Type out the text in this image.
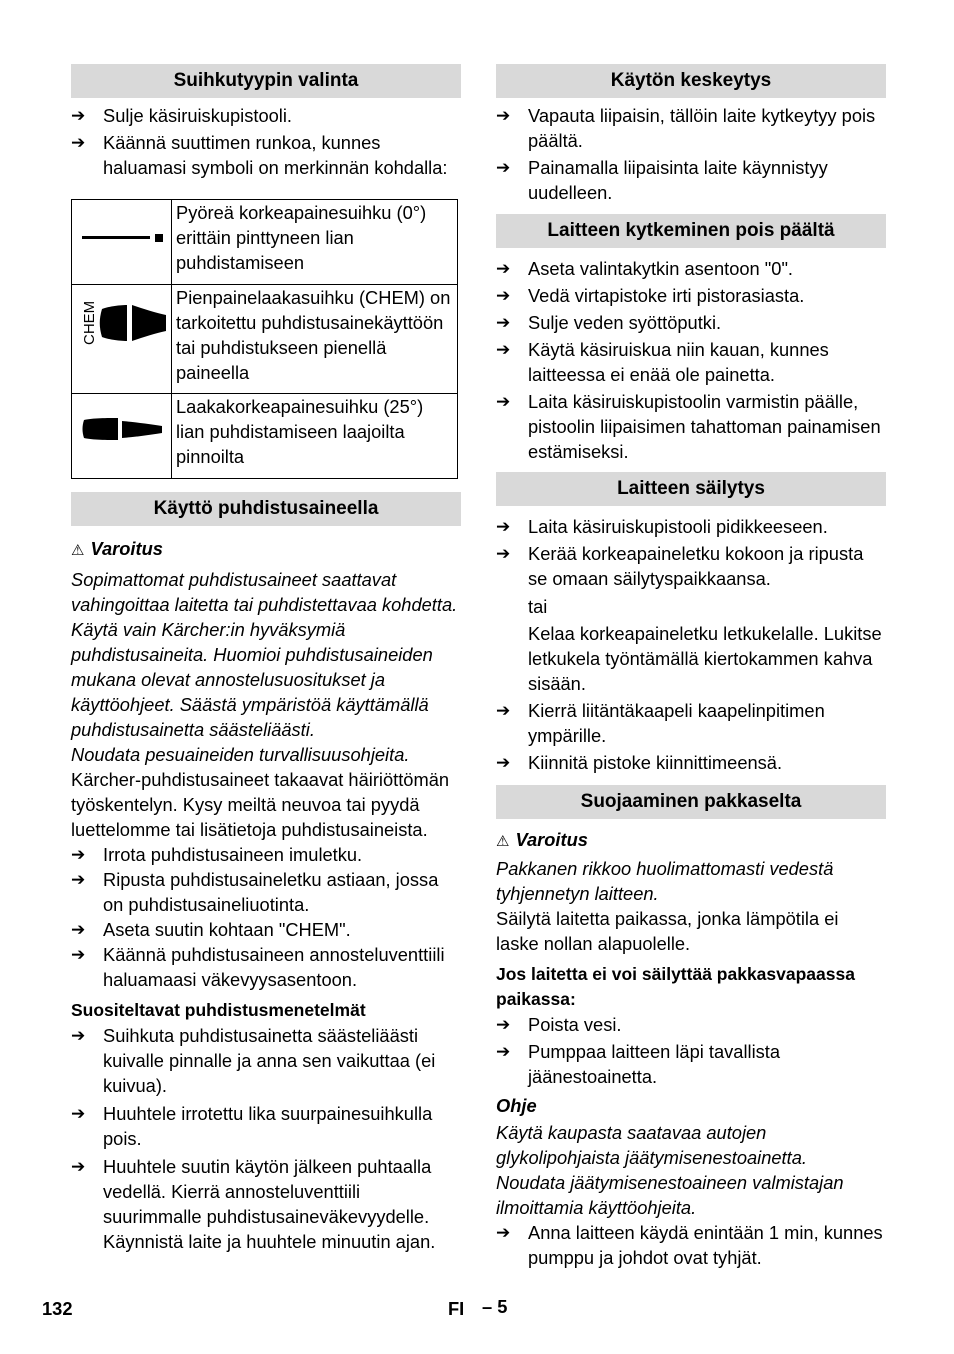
Suihkutyypin valinta
➔ Sulje käsiruiskupistooli.
➔ Käännä suuttimen runkoa, kunnes haluamasi symboli on merkinnän kohdalla:
	Pyöreä korkeapainesuihku (0°) erittäin pinttyneen lian puhdistamiseen

CHEM	Pienpainelaakasuihku (CHEM) on tarkoitettu puhdistusainekäyttöön tai puhdistukseen pienellä paineella
	Laakakorkeapainesuihku (25°) lian puhdistamiseen laajoilta pinnoilta
Käyttö puhdistusaineella
⚠ Varoitus

Sopimattomat puhdistusaineet saattavat vahingoittaa laitetta tai puhdistettavaa kohdetta. Käytä vain Kärcher:in hyväksymiä puhdistusaineita. Huomioi puhdistusaineiden mukana olevat annostelusuositukset ja käyttöohjeet. Säästä ympäristöä käyttämällä puhdistusainetta säästeliäästi.

Noudata pesuaineiden turvallisuusohjeita.

Kärcher-puhdistusaineet takaavat häiriöttömän työskentelyn. Kysy meiltä neuvoa tai pyydä luettelomme tai lisätietoja puhdistusaineista.

➔ Irrota puhdistusaineen imuletku.
➔ Ripusta puhdistusaineletku astiaan, jossa on puhdistusaineliuotinta.
➔ Aseta suutin kohtaan "CHEM".
➔ Käännä puhdistusaineen annosteluventtiili haluamaasi väkevyysasentoon.
Suositeltavat puhdistusmenetelmät
➔ Suihkuta puhdistusainetta säästeliäästi kuivalle pinnalle ja anna sen vaikuttaa (ei kuivua).
➔ Huuhtele irrotettu lika suurpainesuihkulla pois.
➔ Huuhtele suutin käytön jälkeen puhtaalla vedellä. Kierrä annosteluventtiili suurimmalle puhdistusaineväkevyydelle. Käynnistä laite ja huuhtele minuutin ajan.
Käytön keskeytys
➔ Vapauta liipaisin, tällöin laite kytkeytyy pois päältä.
➔ Painamalla liipaisinta laite käynnistyy uudelleen.
Laitteen kytkeminen pois päältä
➔ Aseta valintakytkin asentoon "0".
➔ Vedä virtapistoke irti pistorasiasta.
➔ Sulje veden syöttöputki.
➔ Käytä käsiruiskua niin kauan, kunnes laitteessa ei enää ole painetta.
➔ Laita käsiruiskupistoolin varmistin päälle, pistoolin liipaisimen tahattoman painamisen estämiseksi.
Laitteen säilytys
➔ Laita käsiruiskupistooli pidikkeeseen.
➔ Kerää korkeapaineletku kokoon ja ripusta se omaan säilytyspaikkaansa.

tai

Kelaa korkeapaineletku letkukelalle. Lukitse letkukela työntämällä kiertokammen kahva sisään.

➔ Kierrä liitäntäkaapeli kaapelinpitimen ympärille.
➔ Kiinnitä pistoke kiinnittimeensä.
Suojaaminen pakkaselta
⚠ Varoitus

Pakkanen rikkoo huolimattomasti vedestä tyhjennetyn laitteen.

Säilytä laitetta paikassa, jonka lämpötila ei laske nollan alapuolelle.

Jos laitetta ei voi säilyttää pakkasvapaassa paikassa:
➔ Poista vesi.
➔ Pumppaa laitteen läpi tavallista jäänestoainetta.
Ohje

Käytä kaupasta saatavaa autojen glykolipohjaista jäätymisenestoainetta.

Noudata jäätymisenestoaineen valmistajan ilmoittamia käyttöohjeita.

➔ Anna laitteen käydä enintään 1 min, kunnes pumppu ja johdot ovat tyhjät.
132	FI – 5
